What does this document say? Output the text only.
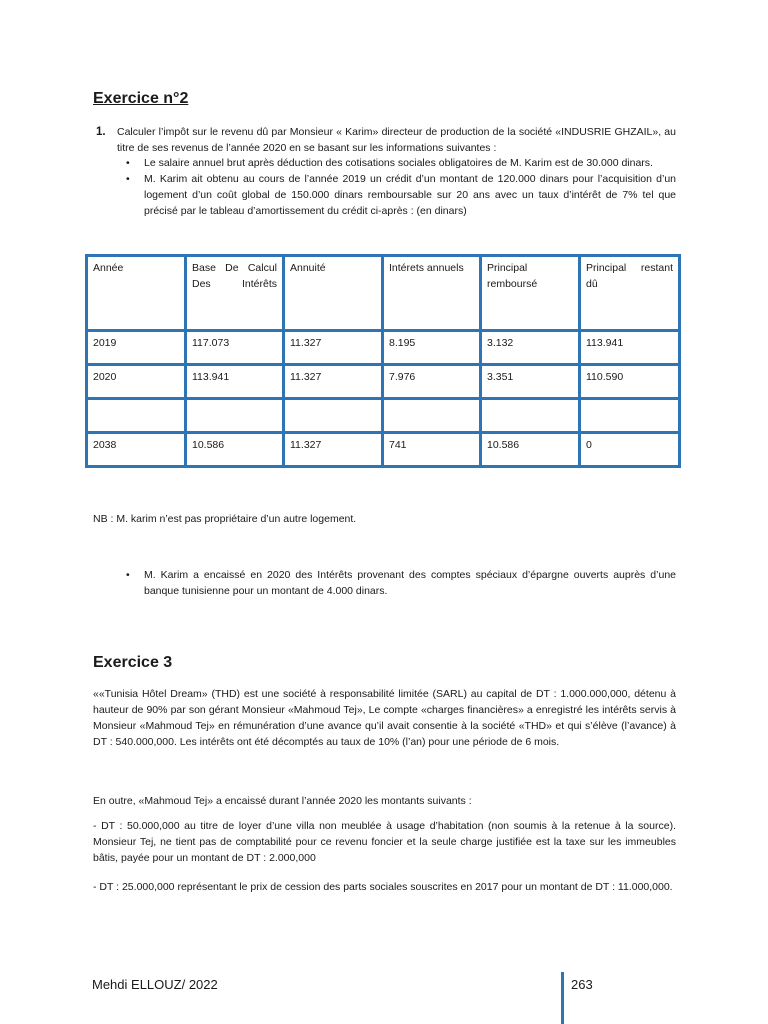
Exercice n°2
1. Calculer l’impôt sur le revenu dû par Monsieur « Karim» directeur de production de la société «INDUSRIE GHZAIL», au titre de ses revenus de l’année 2020 en se basant sur les informations suivantes :

• Le salaire annuel brut après déduction des cotisations sociales obligatoires de M. Karim est de 30.000 dinars.

• M. Karim ait obtenu au cours de l’année 2019 un crédit d’un montant de 120.000 dinars pour l’acquisition d’un logement d’un coût global de 150.000 dinars remboursable sur 20 ans avec un taux d’intérêt de 7% tel que précisé par le tableau d’amortissement du crédit ci-après : (en dinars)

Année	Base De Calcul Des Intérêts	Annuité	Intérets annuels	Principal remboursé	Principal restant dû
2019	117.073	11.327	8.195	3.132	113.941
2020	113.941	11.327	7.976	3.351	110.590

2038	10.586	11.327	741	10.586	0

NB : M. karim n’est pas propriétaire d’un autre logement.

• M. Karim a encaissé en 2020 des Intérêts provenant des comptes spéciaux d’épargne ouverts auprès d’une banque tunisienne pour un montant de 4.000 dinars.

Exercice 3

««Tunisia Hôtel Dream» (THD) est une société à responsabilité limitée (SARL) au capital de DT : 1.000.000,000, détenu à hauteur de 90% par son gérant Monsieur «Mahmoud Tej», Le compte «charges financières» a enregistré les intérêts servis à Monsieur «Mahmoud Tej» en rémunération d’une avance qu’il avait consentie à la société «THD» et qui s’élève (l’avance) à DT : 540.000,000. Les intérêts ont été décomptés au taux de 10% (l’an) pour une période de 6 mois.

En outre, «Mahmoud Tej» a encaissé durant l’année 2020 les montants suivants :

- DT : 50.000,000 au titre de loyer d’une villa non meublée à usage d’habitation (non soumis à la retenue à la source). Monsieur Tej, ne tient pas de comptabilité pour ce revenu foncier et la seule charge justifiée est la taxe sur les immeubles bâtis, payée pour un montant de DT : 2.000,000

- DT : 25.000,000 représentant le prix de cession des parts sociales souscrites en 2017 pour un montant de DT : 11.000,000.

Mehdi ELLOUZ/ 2022	263
